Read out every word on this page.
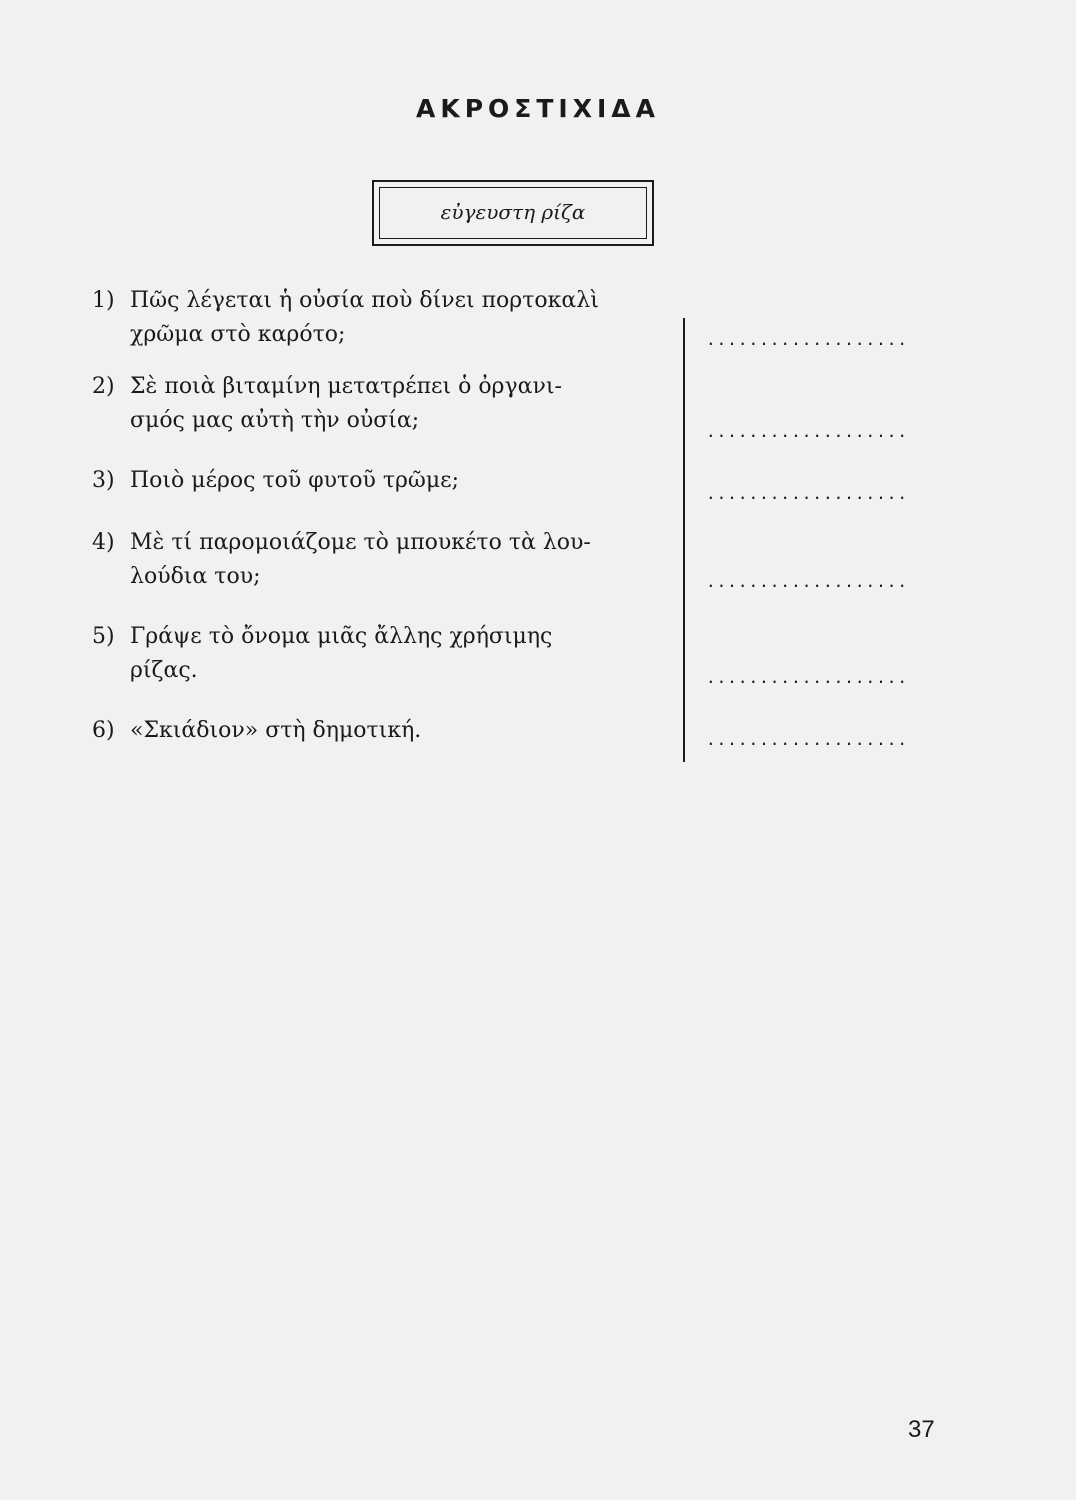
ΑΚΡΟΣΤΙΧΙΔΑ
εὐγευστη ρίζα
1) Πῶς λέγεται ἡ οὐσία ποὺ δίνει πορτοκαλὶ
χρῶμα στὸ καρότο;
2) Σὲ ποιὰ βιταμίνη μετατρέπει ὁ ὀργανι-
σμός μας αὐτὴ τὴν οὐσία;
3) Ποιὸ μέρος τοῦ φυτοῦ τρῶμε;
4) Μὲ τί παρομοιάζομε τὸ μπουκέτο τὰ λου-
λούδια του;
5) Γράψε τὸ ὄνομα μιᾶς ἄλλης χρήσιμης
ρίζας.
6) «Σκιάδιον» στὴ δημοτική.
...................
...................
...................
...................
...................
...................
37
